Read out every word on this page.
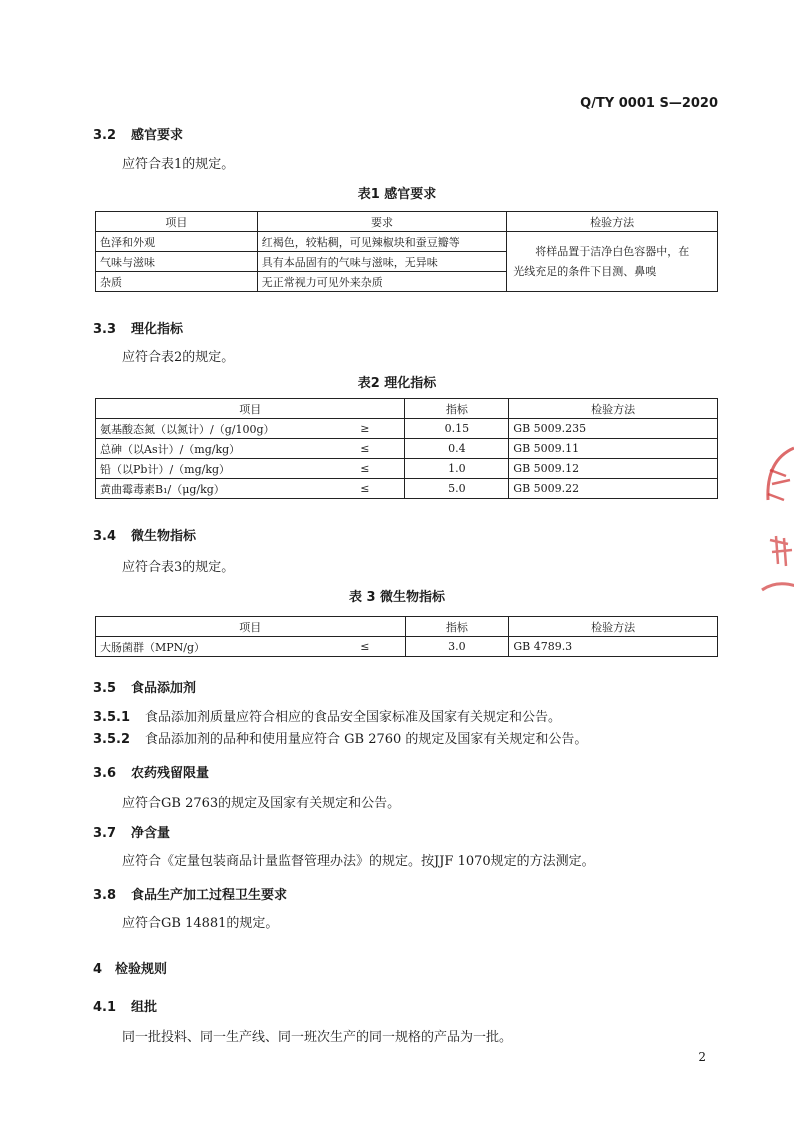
Q/TY 0001 S—2020
3.2 感官要求
应符合表1的规定。
表1 感官要求
项目	要求	检验方法
色泽和外观	红褐色，较粘稠，可见辣椒块和蚕豆瓣等	将样品置于洁净白色容器中，在
光线充足的条件下目测、鼻嗅

气味与滋味	具有本品固有的气味与滋味，无异味	
杂质	无正常视力可见外来杂质	
3.3 理化指标
应符合表2的规定。
表2 理化指标
项目		指标	检验方法
氨基酸态氮（以氮计）/（g/100g）	≥	0.15	GB 5009.235
总砷（以As计）/（mg/kg）	≤	0.4	GB 5009.11
铅（以Pb计）/（mg/kg）	≤	1.0	GB 5009.12
黄曲霉毒素B₁/（μg/kg）	≤	5.0	GB 5009.22
3.4 微生物指标
应符合表3的规定。
表 3 微生物指标
项目		指标	检验方法
大肠菌群（MPN/g）	≤	3.0	GB 4789.3
3.5 食品添加剂
3.5.1 食品添加剂质量应符合相应的食品安全国家标准及国家有关规定和公告。
3.5.2 食品添加剂的品种和使用量应符合 GB 2760 的规定及国家有关规定和公告。
3.6 农药残留限量
应符合GB 2763的规定及国家有关规定和公告。
3.7 净含量
应符合《定量包装商品计量监督管理办法》的规定。按JJF 1070规定的方法测定。
3.8 食品生产加工过程卫生要求
应符合GB 14881的规定。
4 检验规则
4.1 组批
同一批投料、同一生产线、同一班次生产的同一规格的产品为一批。
2
